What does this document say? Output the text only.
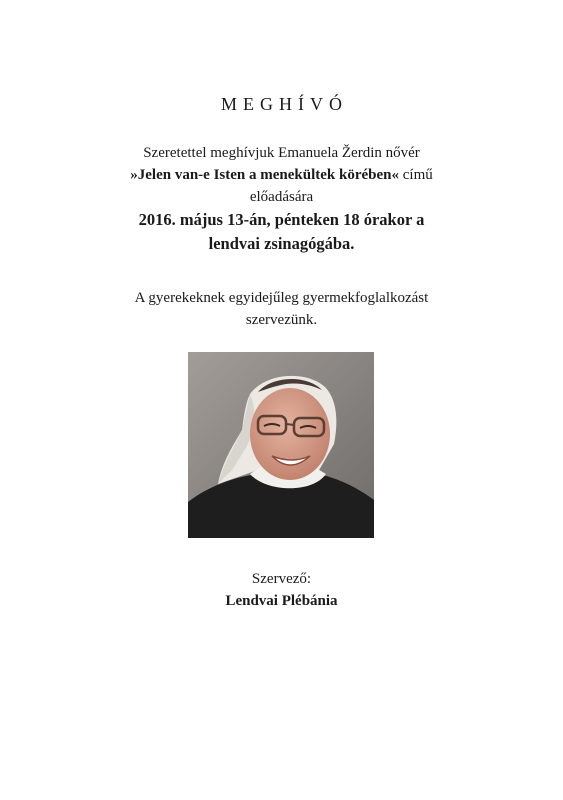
MEGHÍVÓ
Szeretettel meghívjuk Emanuela Žerdin nővér
»Jelen van-e Isten a menekültek körében« című
előadására
2016. május 13-án, pénteken 18 órakor a
lendvai zsinagógába.
A gyerekeknek egyidejűleg gyermekfoglalkozást
szervezünk.
Szervező:
Lendvai Plébánia
